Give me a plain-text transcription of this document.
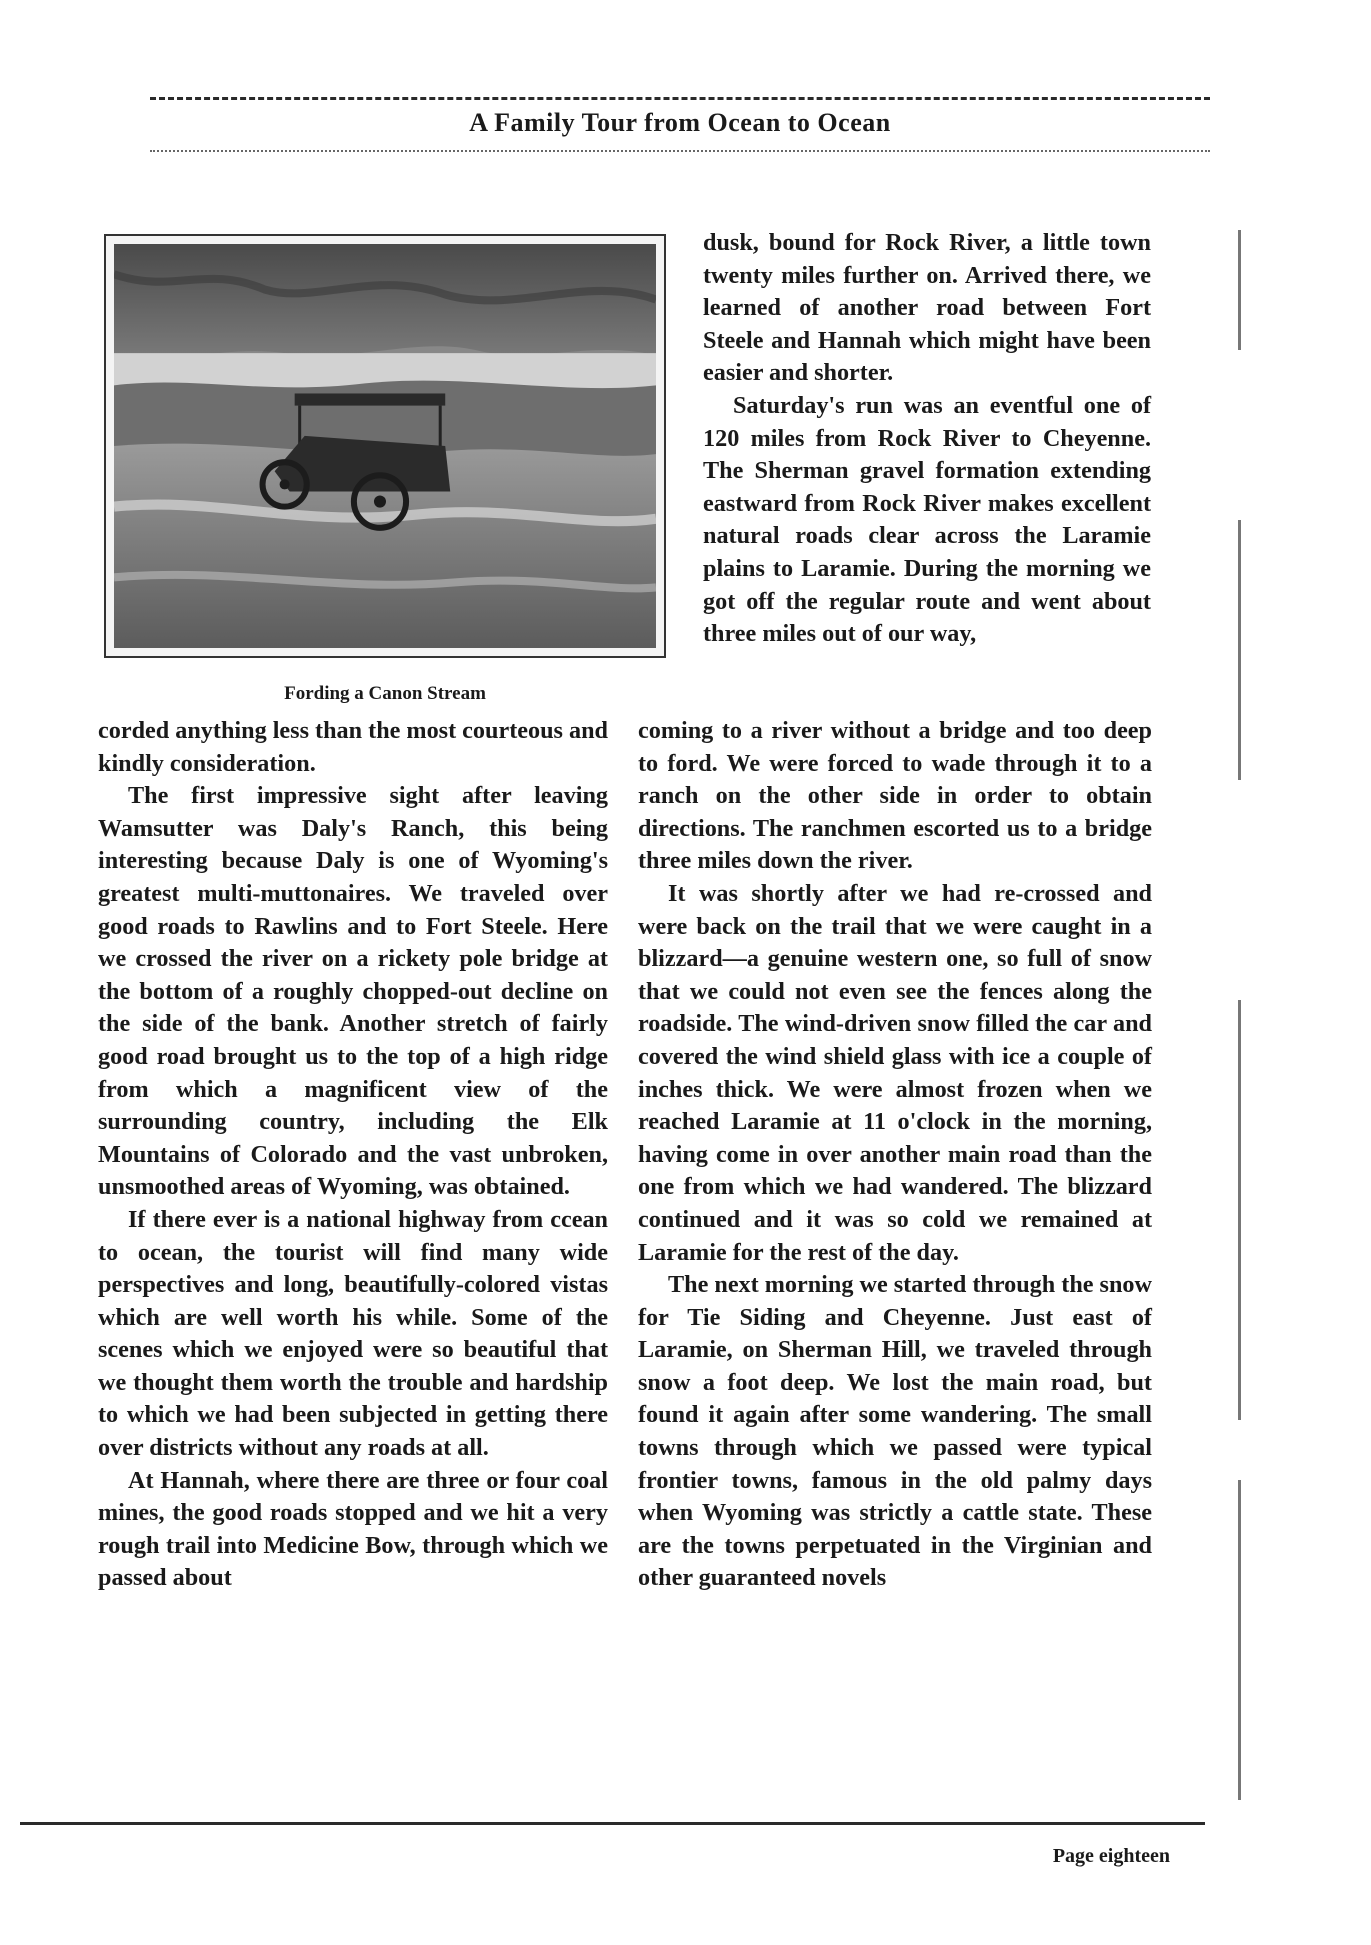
A Family Tour from Ocean to Ocean
Fording a Canon Stream

dusk, bound for Rock River, a little town twenty miles further on. Arrived there, we learned of another road between Fort Steele and Hannah which might have been easier and shorter.

Saturday's run was an eventful one of 120 miles from Rock River to Cheyenne. The Sherman gravel formation extending eastward from Rock River makes excellent natural roads clear across the Laramie plains to Laramie. During the morning we got off the regular route and went about three miles out of our way,

corded anything less than the most courteous and kindly consideration.

The first impressive sight after leaving Wamsutter was Daly's Ranch, this being interesting because Daly is one of Wyoming's greatest multi-muttonaires. We traveled over good roads to Rawlins and to Fort Steele. Here we crossed the river on a rickety pole bridge at the bottom of a roughly chopped-out decline on the side of the bank. Another stretch of fairly good road brought us to the top of a high ridge from which a magnificent view of the surrounding country, including the Elk Mountains of Colorado and the vast unbroken, unsmoothed areas of Wyoming, was obtained.

If there ever is a national highway from ccean to ocean, the tourist will find many wide perspectives and long, beautifully-colored vistas which are well worth his while. Some of the scenes which we enjoyed were so beautiful that we thought them worth the trouble and hardship to which we had been subjected in getting there over districts without any roads at all.

At Hannah, where there are three or four coal mines, the good roads stopped and we hit a very rough trail into Medicine Bow, through which we passed about

coming to a river without a bridge and too deep to ford. We were forced to wade through it to a ranch on the other side in order to obtain directions. The ranchmen escorted us to a bridge three miles down the river.

It was shortly after we had re-crossed and were back on the trail that we were caught in a blizzard—a genuine western one, so full of snow that we could not even see the fences along the roadside. The wind-driven snow filled the car and covered the wind shield glass with ice a couple of inches thick. We were almost frozen when we reached Laramie at 11 o'clock in the morning, having come in over another main road than the one from which we had wandered. The blizzard continued and it was so cold we remained at Laramie for the rest of the day.

The next morning we started through the snow for Tie Siding and Cheyenne. Just east of Laramie, on Sherman Hill, we traveled through snow a foot deep. We lost the main road, but found it again after some wandering. The small towns through which we passed were typical frontier towns, famous in the old palmy days when Wyoming was strictly a cattle state. These are the towns perpetuated in the Virginian and other guaranteed novels

Page eighteen
